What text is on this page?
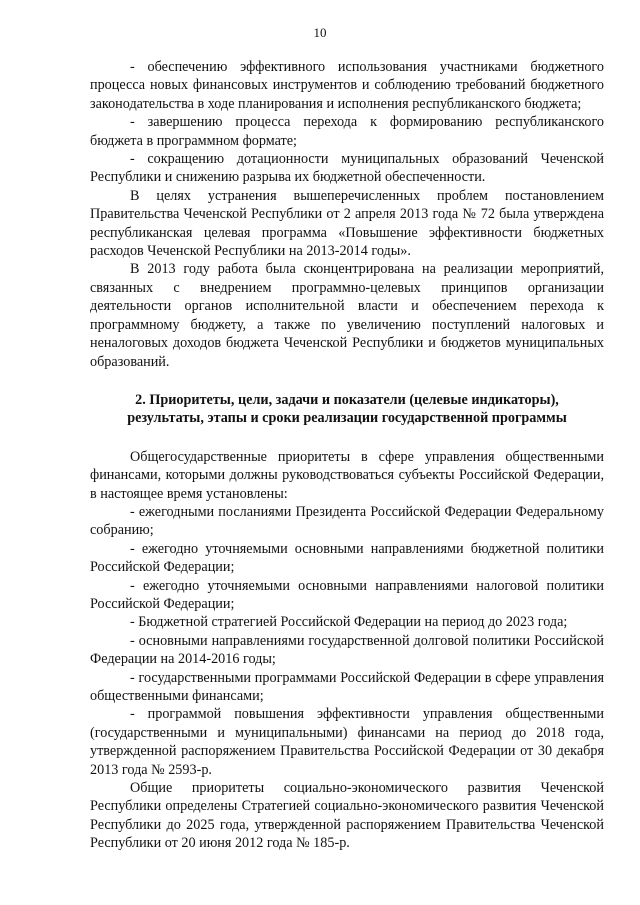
10

- обеспечению эффективного использования участниками бюджетного процесса новых финансовых инструментов и соблюдению требований бюджетного законодательства в ходе планирования и исполнения республиканского бюджета;

- завершению процесса перехода к формированию республиканского бюджета в программном формате;

- сокращению дотационности муниципальных образований Чеченской Республики и снижению разрыва их бюджетной обеспеченности.

В целях устранения вышеперечисленных проблем постановлением Правительства Чеченской Республики от 2 апреля 2013 года № 72 была утверждена республиканская целевая программа «Повышение эффективности бюджетных расходов Чеченской Республики на 2013-2014 годы».

В 2013 году работа была сконцентрирована на реализации мероприятий, связанных с внедрением программно-целевых принципов организации деятельности органов исполнительной власти и обеспечением перехода к программному бюджету, а также по увеличению поступлений налоговых и неналоговых доходов бюджета Чеченской Республики и бюджетов муниципальных образований.

2. Приоритеты, цели, задачи и показатели (целевые индикаторы),
результаты, этапы и сроки реализации государственной программы

Общегосударственные приоритеты в сфере управления общественными финансами, которыми должны руководствоваться субъекты Российской Федерации, в настоящее время установлены:

- ежегодными посланиями Президента Российской Федерации Федеральному собранию;

- ежегодно уточняемыми основными направлениями бюджетной политики Российской Федерации;

- ежегодно уточняемыми основными направлениями налоговой политики Российской Федерации;

- Бюджетной стратегией Российской Федерации на период до 2023 года;

- основными направлениями государственной долговой политики Российской Федерации на 2014-2016 годы;

- государственными программами Российской Федерации в сфере управления общественными финансами;

- программой повышения эффективности управления общественными (государственными и муниципальными) финансами на период до 2018 года, утвержденной распоряжением Правительства Российской Федерации от 30 декабря 2013 года № 2593-р.

Общие приоритеты социально-экономического развития Чеченской Республики определены Стратегией социально-экономического развития Чеченской Республики до 2025 года, утвержденной распоряжением Правительства Чеченской Республики от 20 июня 2012 года № 185-р.
